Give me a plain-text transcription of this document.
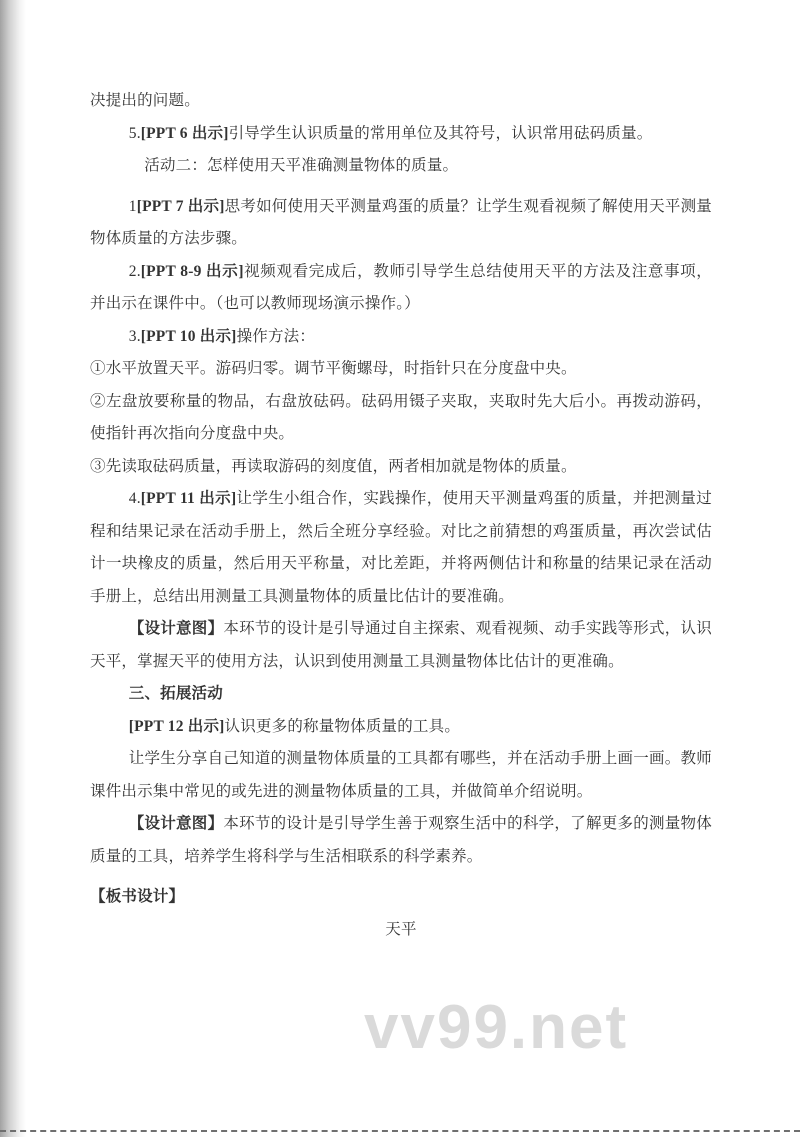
决提出的问题。

5.[PPT 6 出示]引导学生认识质量的常用单位及其符号，认识常用砝码质量。

活动二：怎样使用天平准确测量物体的质量。

1[PPT 7 出示]思考如何使用天平测量鸡蛋的质量？让学生观看视频了解使用天平测量物体质量的方法步骤。

2.[PPT 8-9 出示]视频观看完成后，教师引导学生总结使用天平的方法及注意事项，并出示在课件中。（也可以教师现场演示操作。）

3.[PPT 10 出示]操作方法：

①水平放置天平。游码归零。调节平衡螺母，时指针只在分度盘中央。

②左盘放要称量的物品，右盘放砝码。砝码用镊子夹取，夹取时先大后小。再拨动游码，使指针再次指向分度盘中央。

③先读取砝码质量，再读取游码的刻度值，两者相加就是物体的质量。

4.[PPT 11 出示]让学生小组合作，实践操作，使用天平测量鸡蛋的质量，并把测量过程和结果记录在活动手册上，然后全班分享经验。对比之前猜想的鸡蛋质量，再次尝试估计一块橡皮的质量，然后用天平称量，对比差距，并将两侧估计和称量的结果记录在活动手册上，总结出用测量工具测量物体的质量比估计的要准确。

【设计意图】本环节的设计是引导通过自主探索、观看视频、动手实践等形式，认识天平，掌握天平的使用方法，认识到使用测量工具测量物体比估计的更准确。

三、拓展活动

[PPT 12 出示]认识更多的称量物体质量的工具。

让学生分享自己知道的测量物体质量的工具都有哪些，并在活动手册上画一画。教师课件出示集中常见的或先进的测量物体质量的工具，并做简单介绍说明。

【设计意图】本环节的设计是引导学生善于观察生活中的科学，了解更多的测量物体质量的工具，培养学生将科学与生活相联系的科学素养。

【板书设计】

天平

vv99.net
